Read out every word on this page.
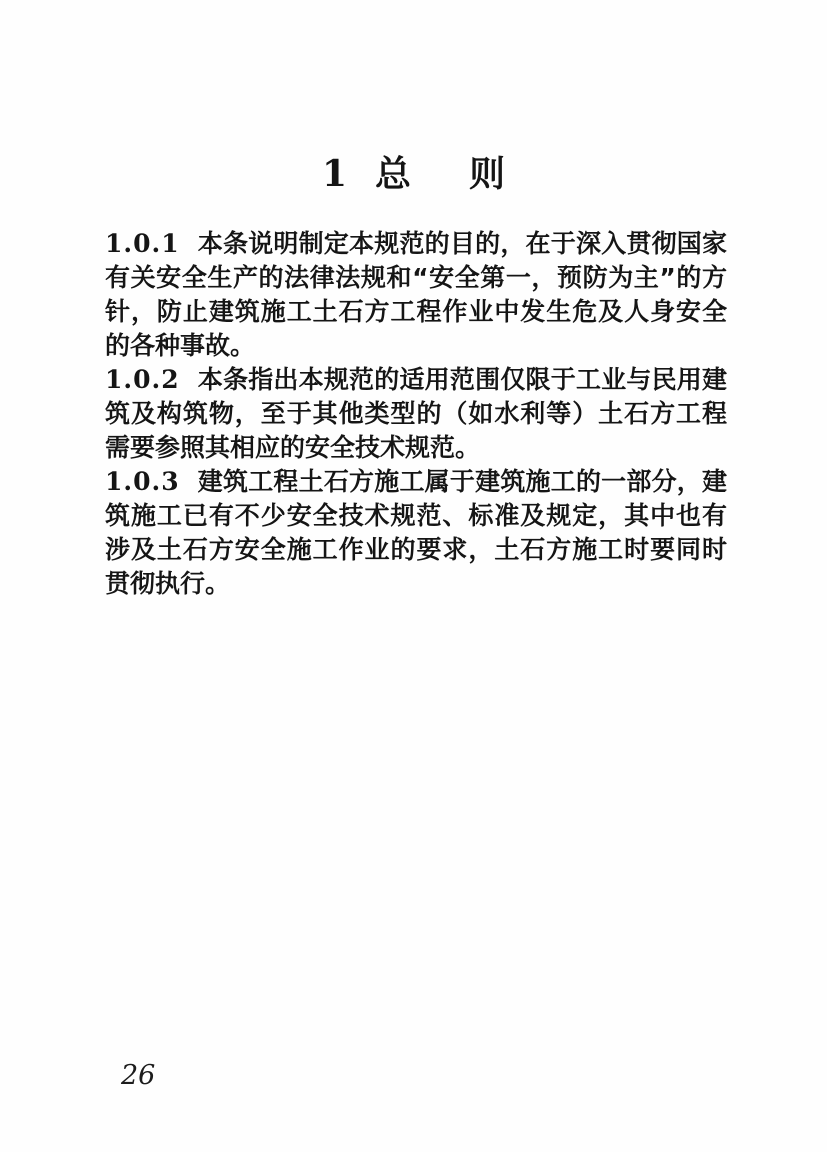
1 总 则

1.0.1 本条说明制定本规范的目的，在于深入贯彻国家有关安全生产的法律法规和“安全第一，预防为主”的方针，防止建筑施工土石方工程作业中发生危及人身安全的各种事故。

1.0.2 本条指出本规范的适用范围仅限于工业与民用建筑及构筑物，至于其他类型的（如水利等）土石方工程需要参照其相应的安全技术规范。

1.0.3 建筑工程土石方施工属于建筑施工的一部分，建筑施工已有不少安全技术规范、标准及规定，其中也有涉及土石方安全施工作业的要求，土石方施工时要同时贯彻执行。

26
